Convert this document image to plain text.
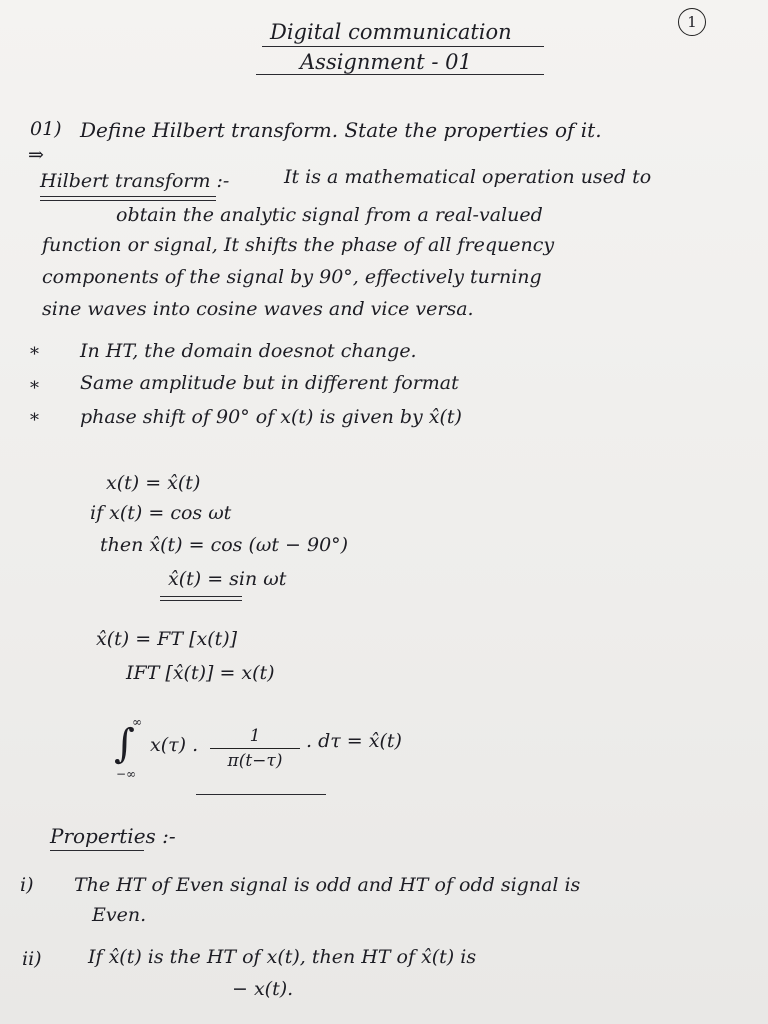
Digital communication
Assignment - 01
1
01) Define Hilbert transform. State the properties of it.
⇒
Hilbert transform :-	It is a mathematical operation used to
obtain the analytic signal from a real-valued
function or signal, It shifts the phase of all frequency
components of the signal by 90°, effectively turning
sine waves into cosine waves and vice versa.
* In HT, the domain doesnot change.
* Same amplitude but in different format
* phase shift of 90° of x(t) is given by x̂(t)
x(t) = x̂(t)
if x(t) = cos ωt
then x̂(t) = cos (ωt − 90°)
x̂(t) = sin ωt
x̂(t) = FT [x(t)]
IFT [x̂(t)] = x(t)
∫
∞
−∞
x(τ) .	1
π(t−τ)
. dτ = x̂(t)
Properties :-
i) The HT of Even signal is odd and HT of odd signal is
Even.
ii) If x̂(t) is the HT of x(t), then HT of x̂(t) is
− x(t).
